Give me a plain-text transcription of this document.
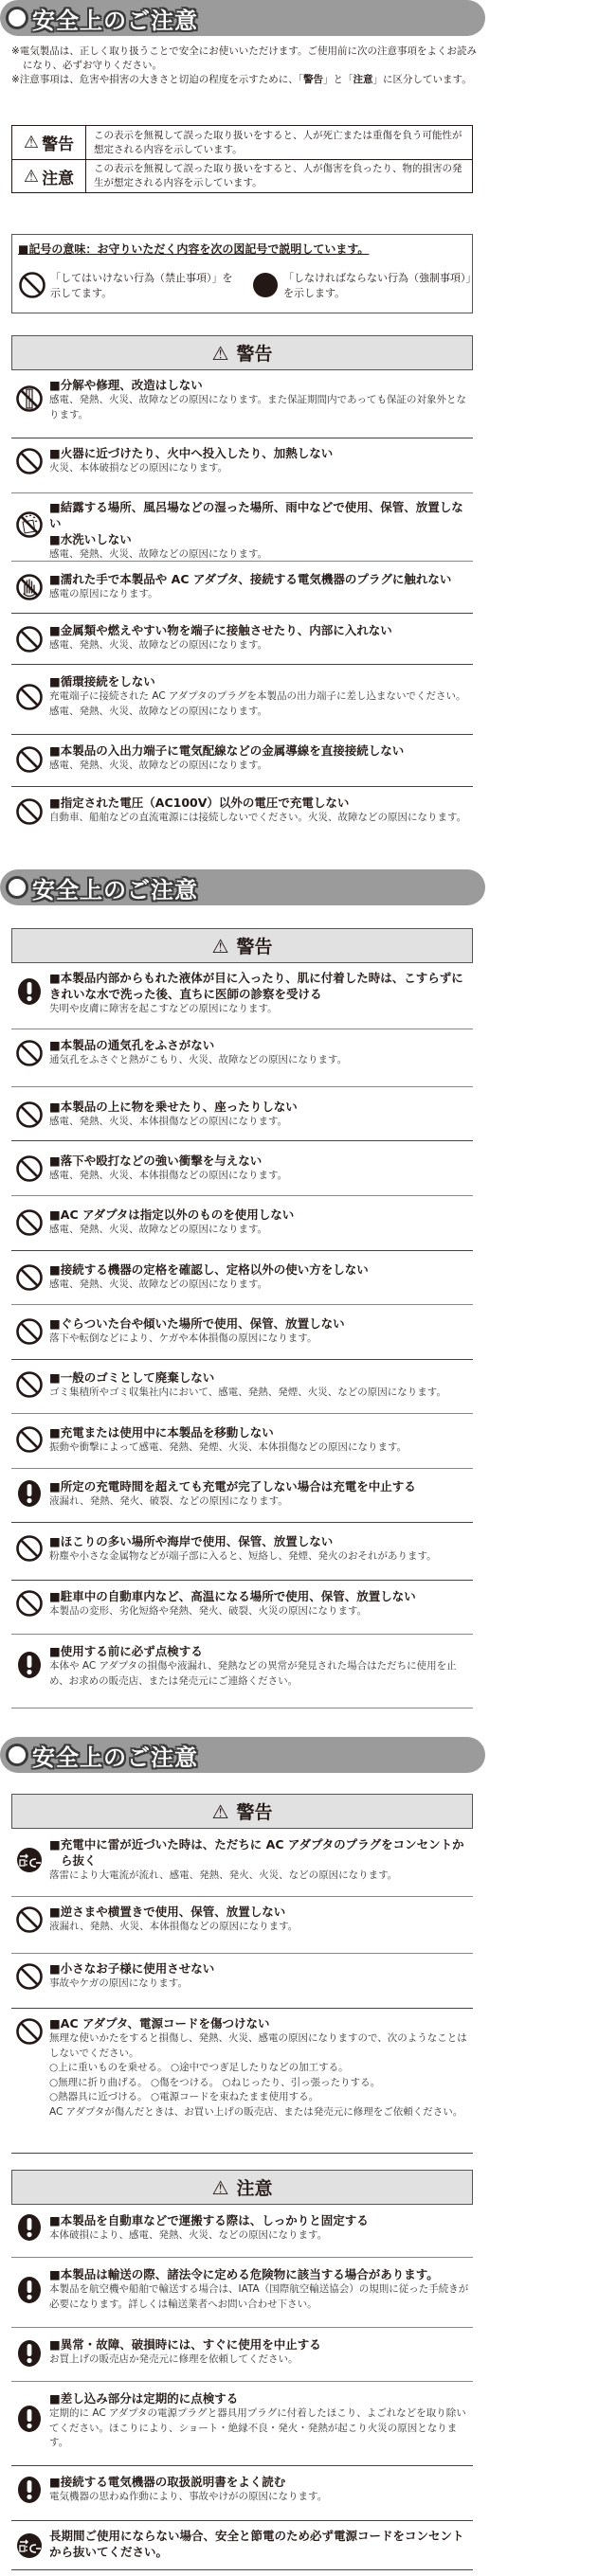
安全上のご注意

※電気製品は、正しく取り扱うことで安全にお使いいただけます。ご使用前に次の注意事項をよくお読みになり、必ずお守りください。

※注意事項は、危害や損害の大きさと切迫の程度を示すために、「警告」と「注意」に区分しています。

⚠ 警告
この表示を無視して誤った取り扱いをすると、人が死亡または重傷を負う可能性が想定される内容を示しています。
⚠ 注意
この表示を無視して誤った取り扱いをすると、人が傷害を負ったり、物的損害の発生が想定される内容を示しています。
■記号の意味：お守りいただく内容を次の図記号で説明しています。
「してはいけない行為（禁止事項）」を示してます。
「しなければならない行為（強制事項）」を示します。
⚠ 警告
■分解や修理、改造はしない
感電、発熱、火災、故障などの原因になります。また保証期間内であっても保証の対象外となります。
■火器に近づけたり、火中へ投入したり、加熱しない
火災、本体破損などの原因になります。
■結露する場所、風呂場などの湿った場所、雨中などで使用、保管、放置しない
■水洗いしない
感電、発熱、火災、故障などの原因になります。
■濡れた手で本製品や AC アダプタ、接続する電気機器のプラグに触れない
感電の原因になります。
■金属類や燃えやすい物を端子に接触させたり、内部に入れない
感電、発熱、火災、故障などの原因になります。
■循環接続をしない
充電端子に接続された AC アダプタのプラグを本製品の出力端子に差し込まないでください。感電、発熱、火災、故障などの原因になります。
■本製品の入出力端子に電気配線などの金属導線を直接接続しない
感電、発熱、火災、故障などの原因になります。
■指定された電圧（AC100V）以外の電圧で充電しない
自動車、船舶などの直流電源には接続しないでください。火災、故障などの原因になります。
安全上のご注意
⚠ 警告
■本製品内部からもれた液体が目に入ったり、肌に付着した時は、こすらずにきれいな水で洗った後、直ちに医師の診察を受ける
失明や皮膚に障害を起こすなどの原因になります。
■本製品の通気孔をふさがない
通気孔をふさぐと熱がこもり、火災、故障などの原因になります。
■本製品の上に物を乗せたり、座ったりしない
感電、発熱、火災、本体損傷などの原因になります。
■落下や殴打などの強い衝撃を与えない
感電、発熱、火災、本体損傷などの原因になります。
■AC アダプタは指定以外のものを使用しない
感電、発熱、火災、故障などの原因になります。
■接続する機器の定格を確認し、定格以外の使い方をしない
感電、発熱、火災、故障などの原因になります。
■ぐらついた台や傾いた場所で使用、保管、放置しない
落下や転倒などにより、ケガや本体損傷の原因になります。
■一般のゴミとして廃棄しない
ゴミ集積所やゴミ収集社内において、感電、発熱、発煙、火災、などの原因になります。
■充電または使用中に本製品を移動しない
振動や衝撃によって感電、発熱、発煙、火災、本体損傷などの原因になります。
■所定の充電時間を超えても充電が完了しない場合は充電を中止する
液漏れ、発熱、発火、破裂、などの原因になります。
■ほこりの多い場所や海岸で使用、保管、放置しない
粉塵や小さな金属物などが端子部に入ると、短絡し、発煙、発火のおそれがあります。
■駐車中の自動車内など、高温になる場所で使用、保管、放置しない
本製品の変形、劣化短絡や発熱、発火、破裂、火災の原因になります。
■使用する前に必ず点検する
本体や AC アダプタの損傷や液漏れ、発熱などの異常が発見された場合はただちに使用を止め、お求めの販売店、または発売元にご連絡ください。
安全上のご注意
⚠ 警告
■充電中に雷が近づいた時は、ただちに AC アダプタのプラグをコンセントから抜く
落雷により大電流が流れ、感電、発熱、発火、火災、などの原因になります。
■逆さまや横置きで使用、保管、放置しない
液漏れ、発熱、火災、本体損傷などの原因になります。
■小さなお子様に使用させない
事故やケガの原因になります。
■AC アダプタ、電源コードを傷つけない
無理な使いかたをすると損傷し、発熱、火災、感電の原因になりますので、次のようなことはしないでください。
○上に重いものを乗せる。 ○途中でつぎ足したりなどの加工する。
○無理に折り曲げる。 ○傷をつける。 ○ねじったり、引っ張ったりする。
○熱器具に近づける。 ○電源コードを束ねたまま使用する。
AC アダプタが傷んだときは、お買い上げの販売店、または発売元に修理をご依頼ください。
⚠ 注意
■本製品を自動車などで運搬する際は、しっかりと固定する
本体破損により、感電、発熱、火災、などの原因になります。
■本製品は輸送の際、諸法令に定める危険物に該当する場合があります。
本製品を航空機や船舶で輸送する場合は、IATA（国際航空輸送協会）の規則に従った手続きが必要になります。詳しくは輸送業者へお問い合わせ下さい。
■異常・故障、破損時には、すぐに使用を中止する
お買上げの販売店か発売元に修理を依頼してください。
■差し込み部分は定期的に点検する
定期的に AC アダプタの電源プラグと器具用プラグに付着したほこり、よごれなどを取り除いてください。ほこりにより、ショート・絶縁不良・発火・発熱が起こり火災の原因となります。
■接続する電気機器の取扱説明書をよく読む
電気機器の思わぬ作動により、事故やけがの原因になります。
長期間ご使用にならない場合、安全と節電のため必ず電源コードをコンセントから抜いてください。
